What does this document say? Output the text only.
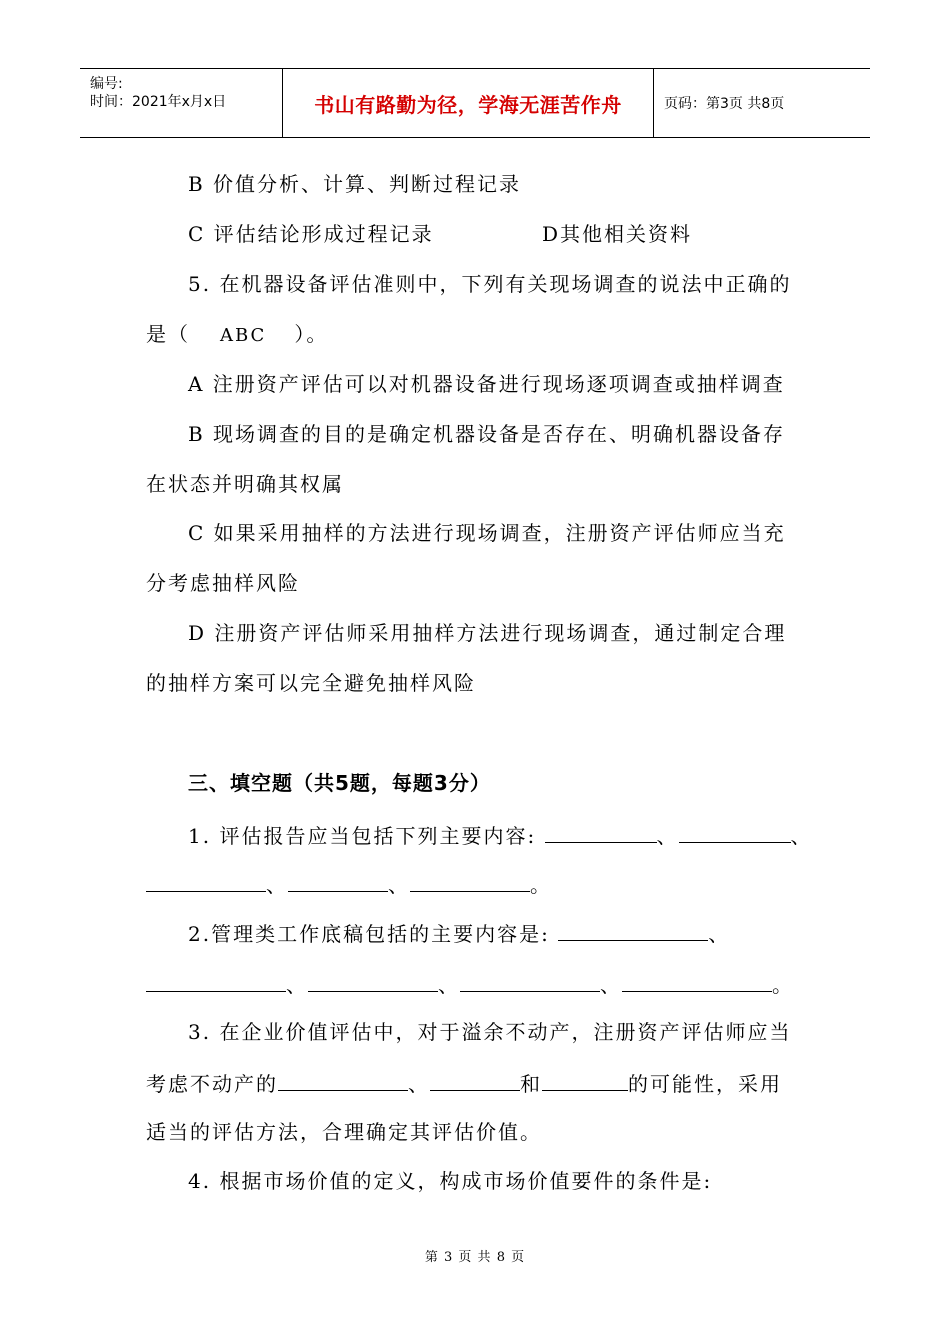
编号:
时间：2021年x月x日	书山有路勤为径，学海无涯苦作舟	页码：第3页 共8页
B 价值分析、计算、判断过程记录
C 评估结论形成过程记录	D其他相关资料
5. 在机器设备评估准则中，下列有关现场调查的说法中正确的
是（ ABC ）。
A 注册资产评估可以对机器设备进行现场逐项调查或抽样调查
B 现场调查的目的是确定机器设备是否存在、明确机器设备存
在状态并明确其权属
C 如果采用抽样的方法进行现场调查，注册资产评估师应当充
分考虑抽样风险
D 注册资产评估师采用抽样方法进行现场调查，通过制定合理
的抽样方案可以完全避免抽样风险
三、填空题（共5题，每题3分）
1. 评估报告应当包括下列主要内容:	、	、
、	、	。
2.管理类工作底稿包括的主要内容是:	、
、	、	、	。
3. 在企业价值评估中，对于溢余不动产，注册资产评估师应当
考虑不动产的	、	和	的可能性，采用
适当的评估方法，合理确定其评估价值。
4. 根据市场价值的定义，构成市场价值要件的条件是:
第 3 页 共 8 页
